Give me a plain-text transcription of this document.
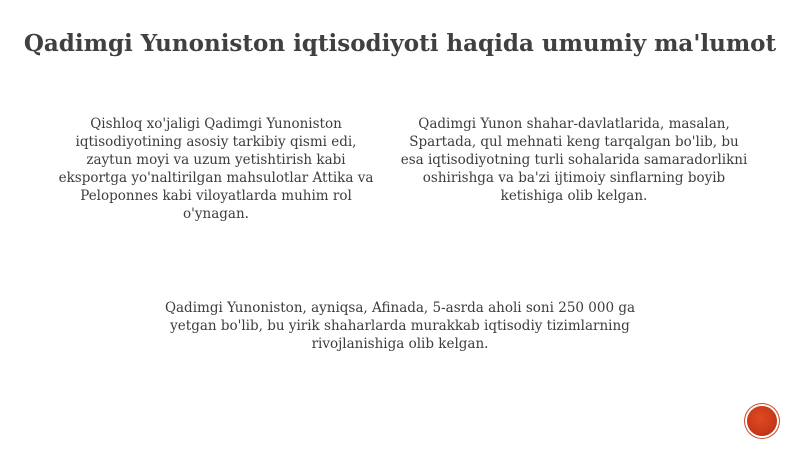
Qadimgi Yunoniston iqtisodiyoti haqida umumiy ma'lumot
Qishloq xo'jaligi Qadimgi Yunoniston iqtisodiyotining asosiy tarkibiy qismi edi, zaytun moyi va uzum yetishtirish kabi eksportga yo'naltirilgan mahsulotlar Attika va Peloponnes kabi viloyatlarda muhim rol o'ynagan.
Qadimgi Yunon shahar-davlatlarida, masalan, Spartada, qul mehnati keng tarqalgan bo'lib, bu esa iqtisodiyotning turli sohalarida samaradorlikni oshirishga va ba'zi ijtimoiy sinflarning boyib ketishiga olib kelgan.
Qadimgi Yunoniston, ayniqsa, Afinada, 5-asrda aholi soni 250 000 ga yetgan bo'lib, bu yirik shaharlarda murakkab iqtisodiy tizimlarning rivojlanishiga olib kelgan.
